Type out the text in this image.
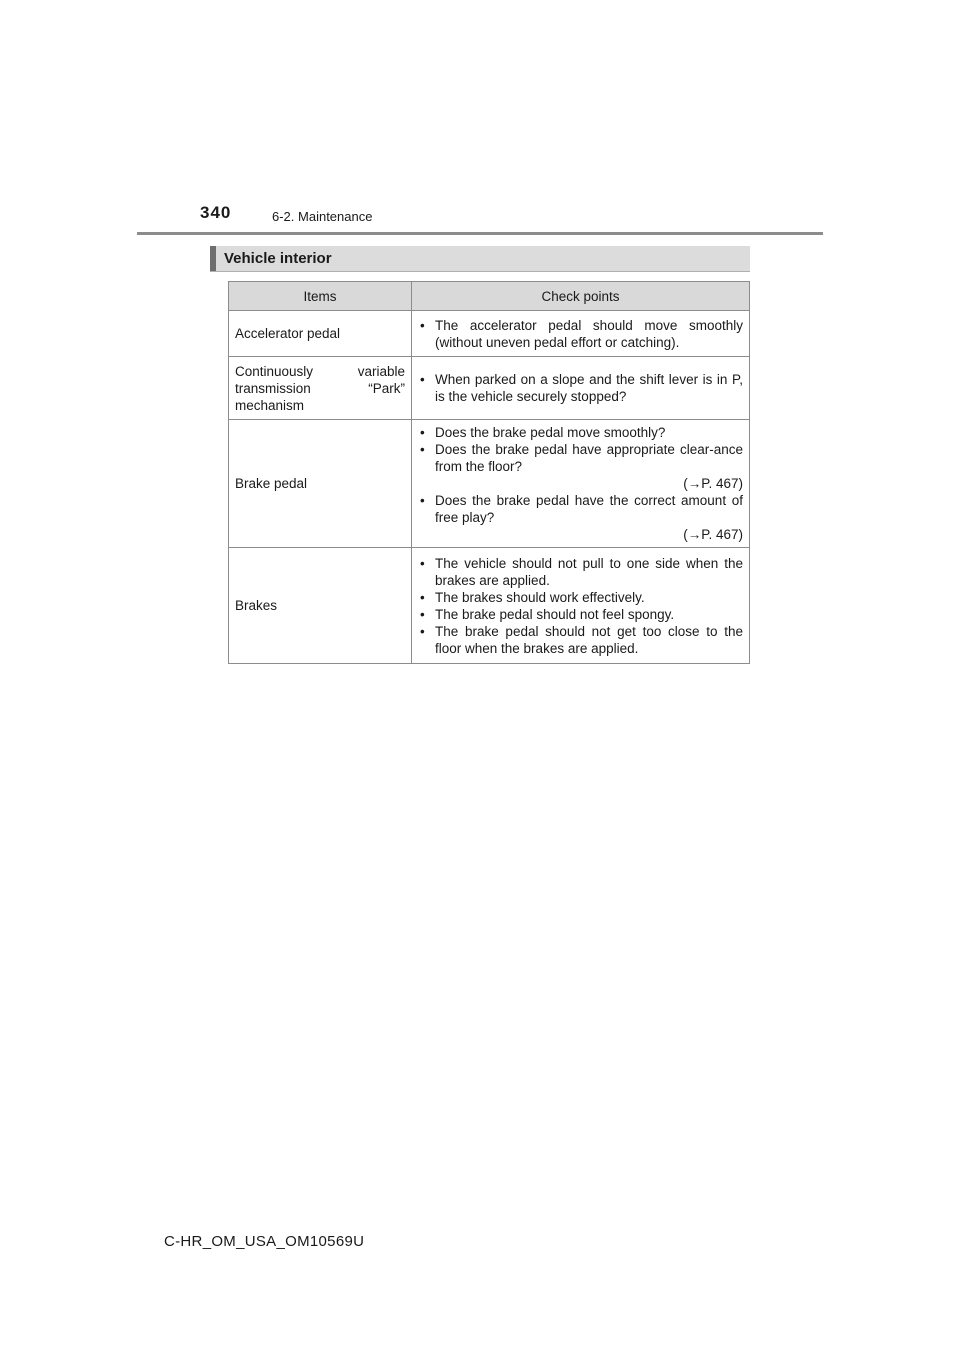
340	6-2. Maintenance
Vehicle interior
Items	Check points
Accelerator pedal	• The accelerator pedal should move smoothly (without uneven pedal effort or catching).

Continuously variable transmission “Park” mechanism	• When parked on a slope and the shift lever is in P, is the vehicle securely stopped?

Brake pedal	• Does the brake pedal move smoothly?
• Does the brake pedal have appropriate clear-ance from the floor?
(→P. 467)
• Does the brake pedal have the correct amount of free play?
(→P. 467)

Brakes	• The vehicle should not pull to one side when the brakes are applied.
• The brakes should work effectively.
• The brake pedal should not feel spongy.
• The brake pedal should not get too close to the floor when the brakes are applied.
C-HR_OM_USA_OM10569U
